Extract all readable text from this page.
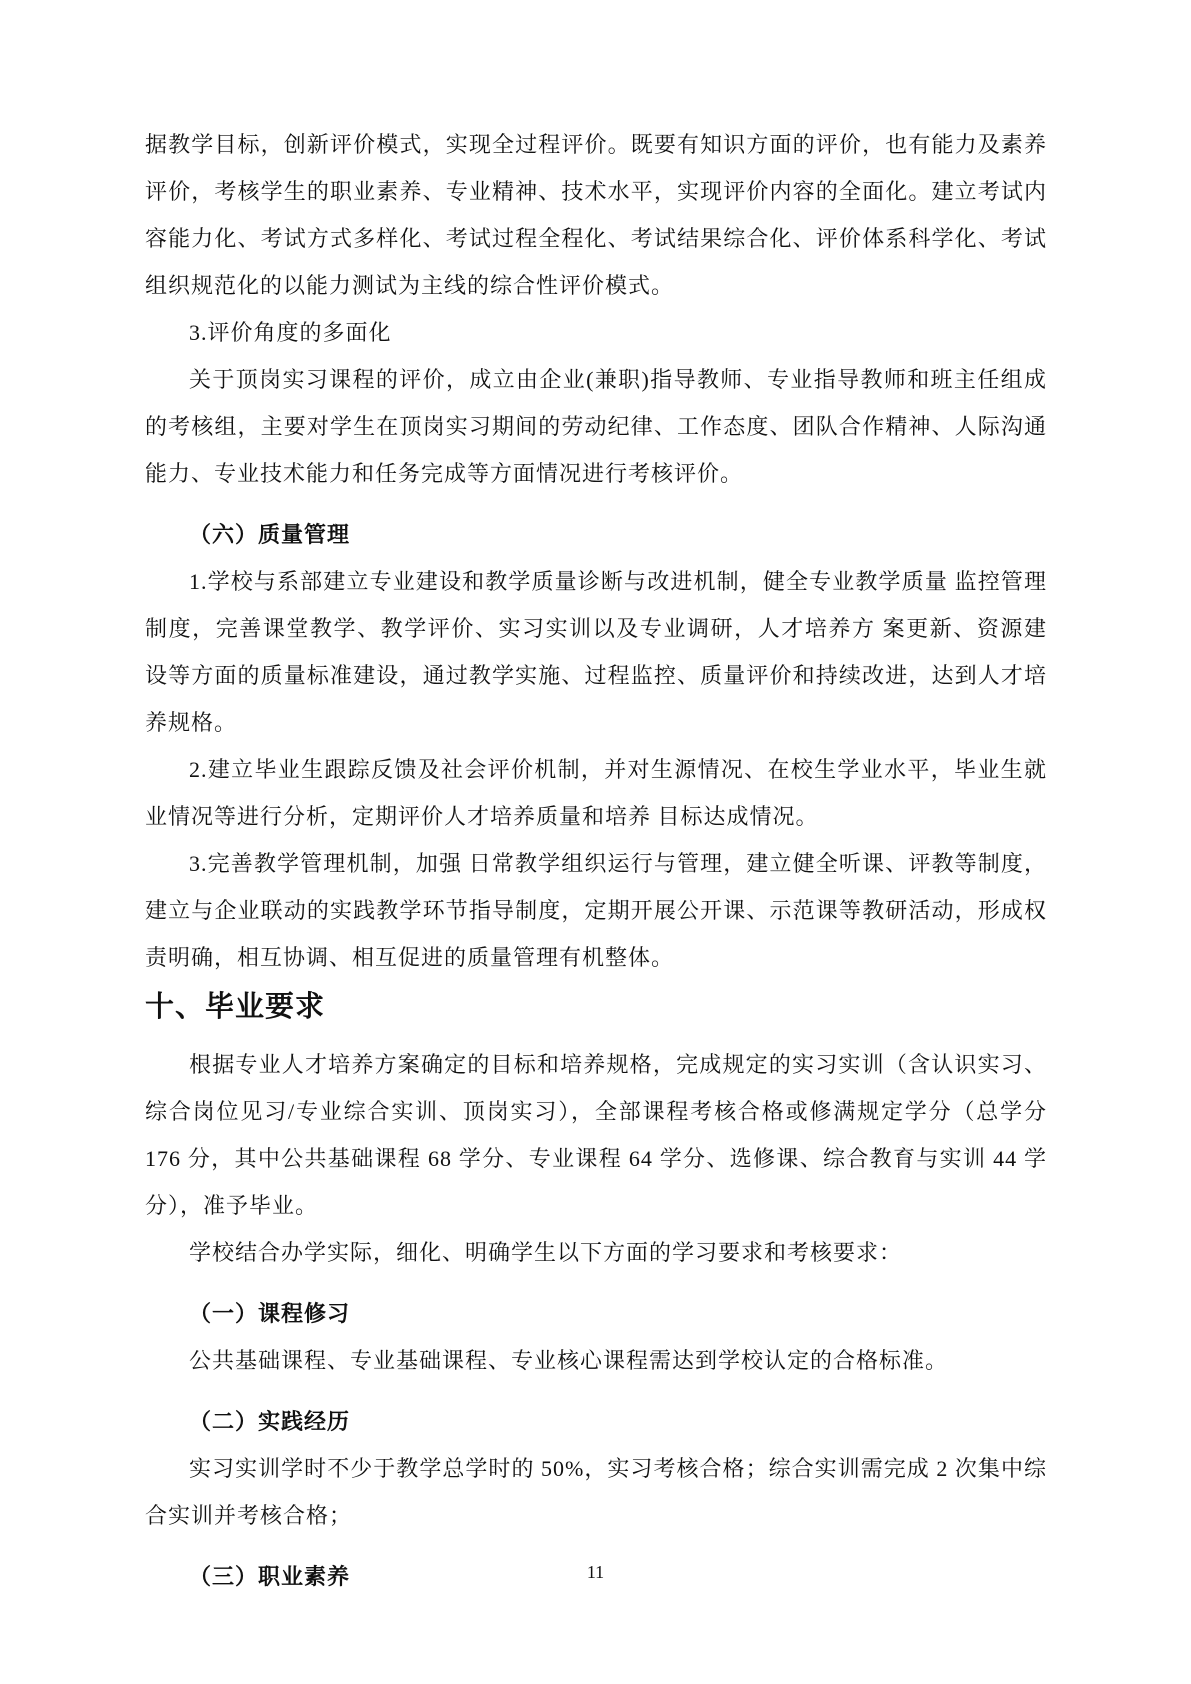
据教学目标，创新评价模式，实现全过程评价。既要有知识方面的评价，也有能力及素养评价，考核学生的职业素养、专业精神、技术水平，实现评价内容的全面化。建立考试内容能力化、考试方式多样化、考试过程全程化、考试结果综合化、评价体系科学化、考试组织规范化的以能力测试为主线的综合性评价模式。

3.评价角度的多面化

关于顶岗实习课程的评价，成立由企业(兼职)指导教师、专业指导教师和班主任组成的考核组，主要对学生在顶岗实习期间的劳动纪律、工作态度、团队合作精神、人际沟通能力、专业技术能力和任务完成等方面情况进行考核评价。

（六）质量管理

1.学校与系部建立专业建设和教学质量诊断与改进机制，健全专业教学质量 监控管理制度，完善课堂教学、教学评价、实习实训以及专业调研，人才培养方 案更新、资源建设等方面的质量标准建设，通过教学实施、过程监控、质量评价和持续改进，达到人才培养规格。

2.建立毕业生跟踪反馈及社会评价机制，并对生源情况、在校生学业水平，毕业生就业情况等进行分析，定期评价人才培养质量和培养 目标达成情况。

3.完善教学管理机制，加强 日常教学组织运行与管理，建立健全听课、评教等制度，建立与企业联动的实践教学环节指导制度，定期开展公开课、示范课等教研活动，形成权责明确，相互协调、相互促进的质量管理有机整体。

十、毕业要求

根据专业人才培养方案确定的目标和培养规格，完成规定的实习实训（含认识实习、综合岗位见习/专业综合实训、顶岗实习），全部课程考核合格或修满规定学分（总学分 176 分，其中公共基础课程 68 学分、专业课程 64 学分、选修课、综合教育与实训 44 学分），准予毕业。

学校结合办学实际，细化、明确学生以下方面的学习要求和考核要求：

（一）课程修习

公共基础课程、专业基础课程、专业核心课程需达到学校认定的合格标准。

（二）实践经历

实习实训学时不少于教学总学时的 50%，实习考核合格；综合实训需完成 2 次集中综合实训并考核合格；

（三）职业素养	11
